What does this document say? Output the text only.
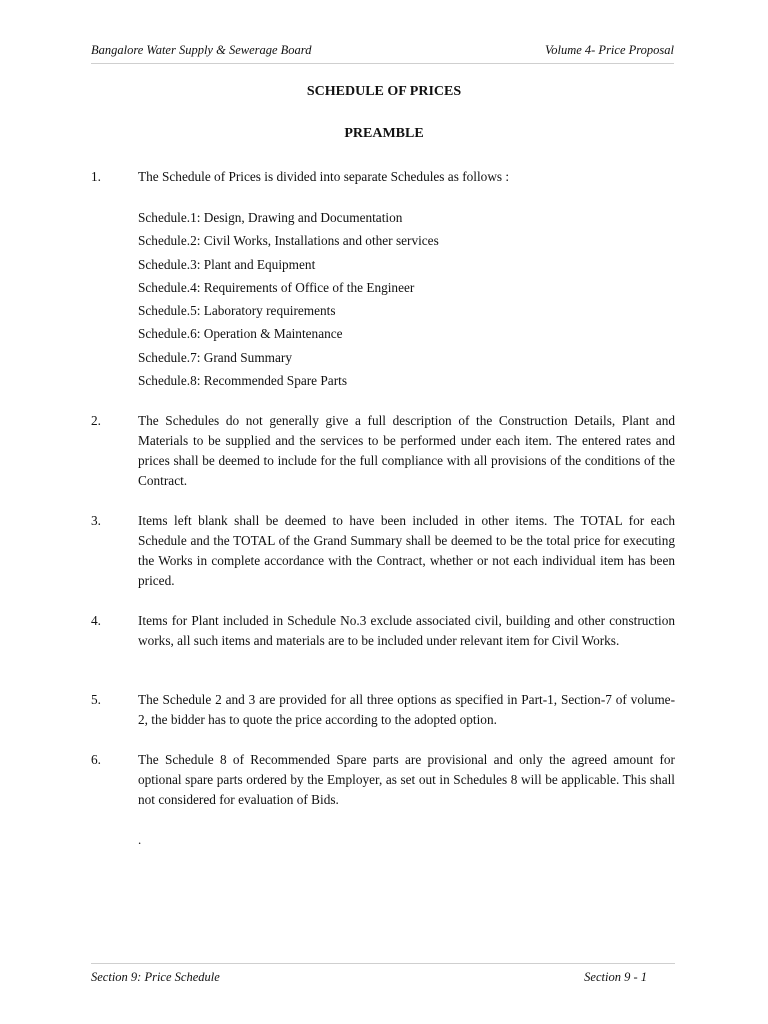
Bangalore Water Supply & Sewerage Board	Volume 4- Price Proposal
SCHEDULE OF PRICES
PREAMBLE
1.	The Schedule of Prices is divided into separate Schedules as follows :
Schedule.1: Design, Drawing and Documentation
Schedule.2: Civil Works, Installations and other services
Schedule.3: Plant and Equipment
Schedule.4: Requirements of Office of the Engineer
Schedule.5: Laboratory requirements
Schedule.6: Operation & Maintenance
Schedule.7: Grand Summary
Schedule.8: Recommended Spare Parts
2.	The Schedules do not generally give a full description of the Construction Details, Plant and Materials to be supplied and the services to be performed under each item. The entered rates and prices shall be deemed to include for the full compliance with all provisions of the conditions of the Contract.
3.	Items left blank shall be deemed to have been included in other items. The TOTAL for each Schedule and the TOTAL of the Grand Summary shall be deemed to be the total price for executing the Works in complete accordance with the Contract, whether or not each individual item has been priced.
4.	Items for Plant included in Schedule No.3 exclude associated civil, building and other construction works, all such items and materials are to be included under relevant item for Civil Works.
5.	The Schedule 2 and 3 are provided for all three options as specified in Part-1, Section-7 of volume-2, the bidder has to quote the price according to the adopted option.
6.	The Schedule 8 of Recommended Spare parts are provisional and only the agreed amount for optional spare parts ordered by the Employer, as set out in Schedules 8 will be applicable. This shall not considered for evaluation of Bids.
.
Section 9: Price Schedule	Section 9 - 1
